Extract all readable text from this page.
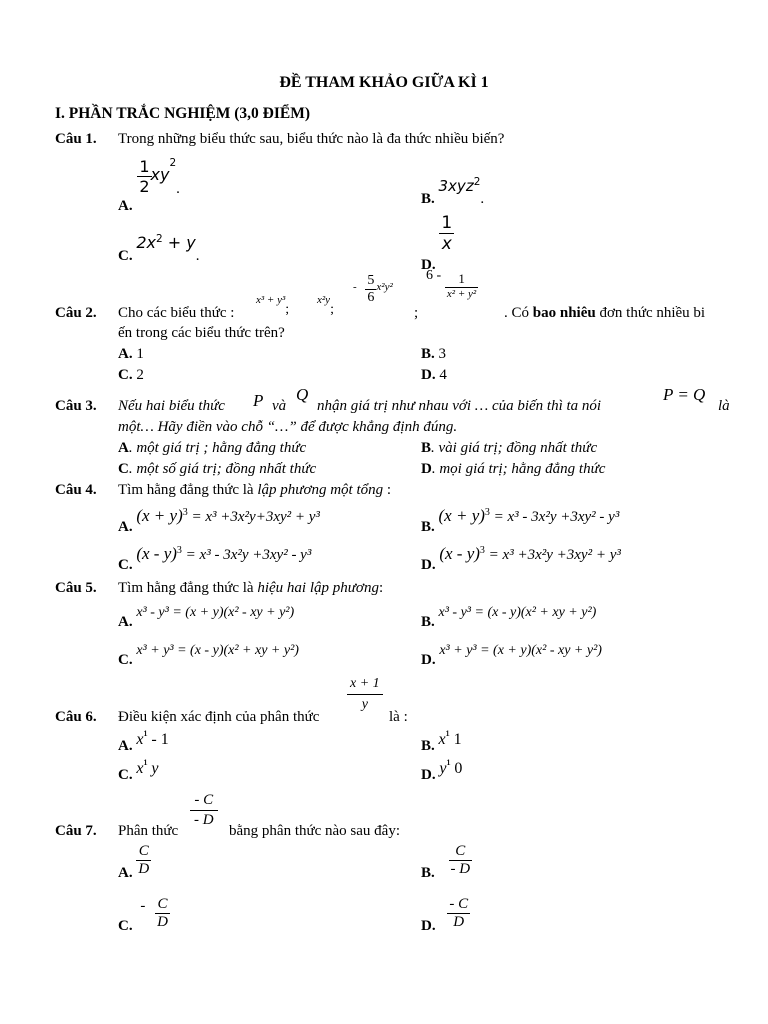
ĐỀ THAM KHẢO GIỮA KÌ 1
I. PHẦN TRẮC NGHIỆM (3,0 ĐIỂM)
Câu 1. Trong những biểu thức sau, biểu thức nào là đa thức nhiều biến?
A.
$\frac{1}{2} xy^2$.
B. 3xyz$^2$.
C. $2x^2 + y$.
D.
$\frac{1}{x}$
Câu 2. Cho các biểu thức :
x³ + y³;
x²y;
- $\frac{5}{6} x^2y^2$
;
$6 - \frac{1}{\text{x² + y²}}$
. Có bao nhiêu đơn thức nhiều bi
ến trong các biểu thức trên?
A. 1	B. 3
C. 2	D. 4
Câu 3. Nếu hai biểu thức P và
Q
nhận giá trị như nhau với … của biến thì ta nói
P = Q
là
một… Hãy điền vào chỗ “…” để được khẳng định đúng.
A. một giá trị ; hằng đẳng thức	B. vài giá trị; đồng nhất thức
C. một số giá trị; đồng nhất thức	D. mọi giá trị; hằng đẳng thức
Câu 4. Tìm hằng đẳng thức là lập phương một tổng :
A. $(x + y)^3 = x^3 +3x^2y+3xy^2 + y^3$
B. $(x + y)^3 = x^3 - 3x^2y +3xy^2 - y^3$
C. (x - y)$^3$ = x³ - 3x²y +3xy² - y³
D. (x - y)$^3$ = x³ +3x²y +3xy² + y³
Câu 5. Tìm hằng đẳng thức là hiệu hai lập phương:
A. x³ - y³ = (x + y)(x² - xy + y²)
B. x³ - y³ = (x - y)(x² + xy + y²)
C. x³ + y³ = (x - y)(x² + xy + y²)
D. x³ + y³ = (x + y)(x² - xy + y²)
Câu 6. Điều kiện xác định của phân thức
$\frac{x + 1}{y}$
là :
A. x¹ - 1	B. x¹ 1
C. x¹ y	D. y¹ 0
Câu 7. Phân thức
$\frac{- C}{- D}$
bằng phân thức nào sau đây:
A. $\frac{C}{D}$	B. $\frac{C}{- D}$
C. - $\frac{C}{D}$	D. $\frac{- C}{D}$
